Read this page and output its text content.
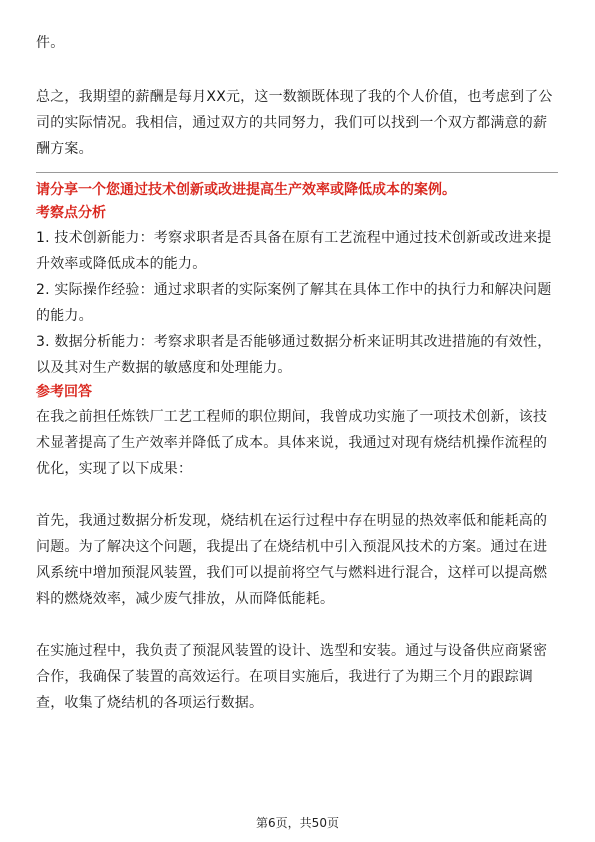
件。

总之，我期望的薪酬是每月XX元，这一数额既体现了我的个人价值，也考虑到了公

司的实际情况。我相信，通过双方的共同努力，我们可以找到一个双方都满意的薪

酬方案。

请分享一个您通过技术创新或改进提高生产效率或降低成本的案例。
考察点分析

1. 技术创新能力：考察求职者是否具备在原有工艺流程中通过技术创新或改进来提

升效率或降低成本的能力。

2. 实际操作经验：通过求职者的实际案例了解其在具体工作中的执行力和解决问题

的能力。

3. 数据分析能力：考察求职者是否能够通过数据分析来证明其改进措施的有效性，

以及其对生产数据的敏感度和处理能力。

参考回答

在我之前担任炼铁厂工艺工程师的职位期间，我曾成功实施了一项技术创新，该技

术显著提高了生产效率并降低了成本。具体来说，我通过对现有烧结机操作流程的

优化，实现了以下成果：

首先，我通过数据分析发现，烧结机在运行过程中存在明显的热效率低和能耗高的

问题。为了解决这个问题，我提出了在烧结机中引入预混风技术的方案。通过在进

风系统中增加预混风装置，我们可以提前将空气与燃料进行混合，这样可以提高燃

料的燃烧效率，减少废气排放，从而降低能耗。

在实施过程中，我负责了预混风装置的设计、选型和安装。通过与设备供应商紧密

合作，我确保了装置的高效运行。在项目实施后，我进行了为期三个月的跟踪调

查，收集了烧结机的各项运行数据。

第6页，共50页
